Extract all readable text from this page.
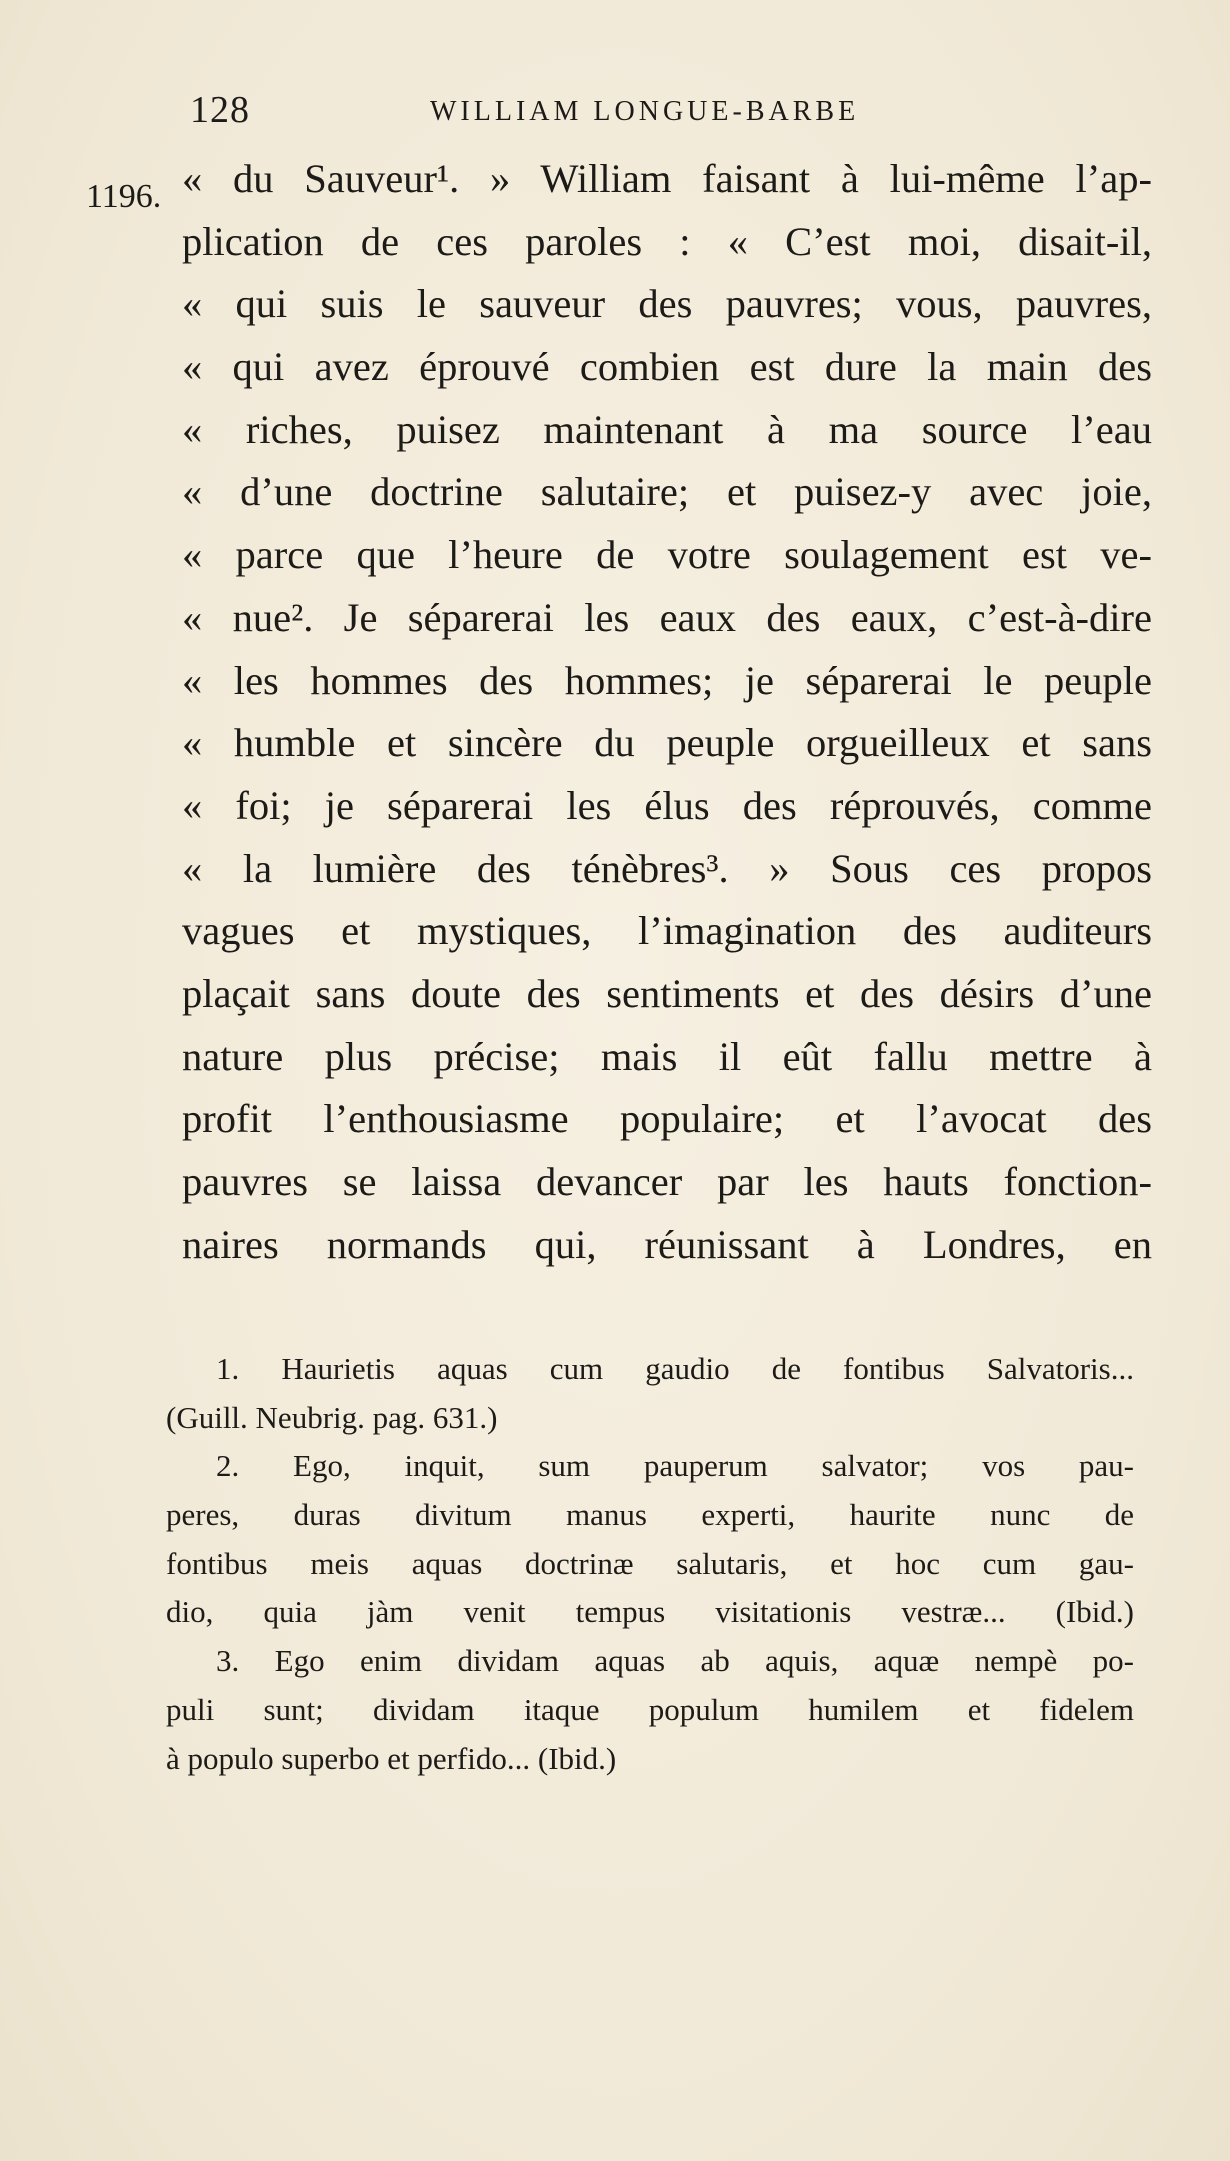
128	WILLIAM LONGUE-BARBE
1196. « du Sauveur¹. » William faisant à lui-même l’ap-
plication de ces paroles : « C’est moi, disait-il,
« qui suis le sauveur des pauvres; vous, pauvres,
« qui avez éprouvé combien est dure la main des
« riches, puisez maintenant à ma source l’eau
« d’une doctrine salutaire; et puisez-y avec joie,
« parce que l’heure de votre soulagement est ve-
« nue². Je séparerai les eaux des eaux, c’est-à-dire
« les hommes des hommes; je séparerai le peuple
« humble et sincère du peuple orgueilleux et sans
« foi; je séparerai les élus des réprouvés, comme
« la lumière des ténèbres³. » Sous ces propos
vagues et mystiques, l’imagination des auditeurs
plaçait sans doute des sentiments et des désirs d’une
nature plus précise; mais il eût fallu mettre à
profit l’enthousiasme populaire; et l’avocat des
pauvres se laissa devancer par les hauts fonction-
naires normands qui, réunissant à Londres, en
1. Haurietis aquas cum gaudio de fontibus Salvatoris...
(Guill. Neubrig. pag. 631.)
2. Ego, inquit, sum pauperum salvator; vos pau-
peres, duras divitum manus experti, haurite nunc de
fontibus meis aquas doctrinæ salutaris, et hoc cum gau-
dio, quia jàm venit tempus visitationis vestræ... (Ibid.)
3. Ego enim dividam aquas ab aquis, aquæ nempè po-
puli sunt; dividam itaque populum humilem et fidelem
à populo superbo et perfido... (Ibid.)
